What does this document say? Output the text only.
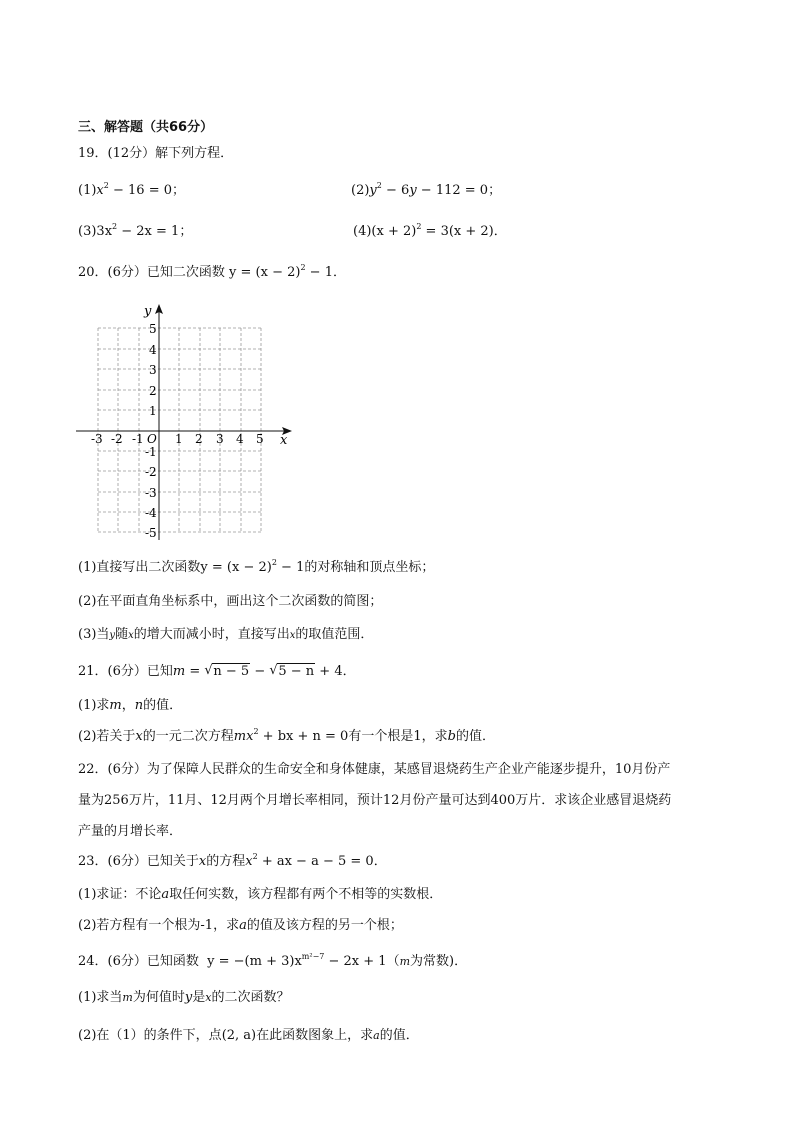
三、解答题（共66分）
19．(12分）解下列方程．
$(1)x^2 - 16 = 0$；	$(2)y^2 - 6y - 112 = 0$；
$(3)3x^2 - 2x = 1$；	$(4)(x + 2)^2 = 3(x + 2)$．
20．(6分）已知二次函数 $y = (x - 2)^2 - 1$．
y
x
O
-3 -2 -1	1 2 3 4 5
5
4
3
2
1
-1
-2
-3
-4
-5
(1)直接写出二次函数$y = (x - 2)^2 - 1$的对称轴和顶点坐标；
(2)在平面直角坐标系中，画出这个二次函数的简图；
(3)当y随x的增大而减小时，直接写出x的取值范围．
21．(6分）已知m = √ n − 5 − √ 5 − n + 4．
(1)求m，n的值．
(2)若关于x的一元二次方程$mx^2$ + bx + n = 0有一个根是1，求b的值．
22．(6分）为了保障人民群众的生命安全和身体健康，某感冒退烧药生产企业产能逐步提升，10月份产
量为256万片，11月、12月两个月增长率相同，预计12月份产量可达到400万片．求该企业感冒退烧药
产量的月增长率．
23．(6分）已知关于x的方程$x^2$ + ax − a − 5 = 0．
(1)求证：不论a取任何实数，该方程都有两个不相等的实数根．
(2)若方程有一个根为-1，求a的值及该方程的另一个根；
24．(6分）已知函数 $y = -(m + 3)x^{m^2-7} - 2x + 1(m$为常数)．
(1)求当m为何值时y是x的二次函数？
(2)在（1）的条件下，点(2, a)在此函数图象上，求a的值．
